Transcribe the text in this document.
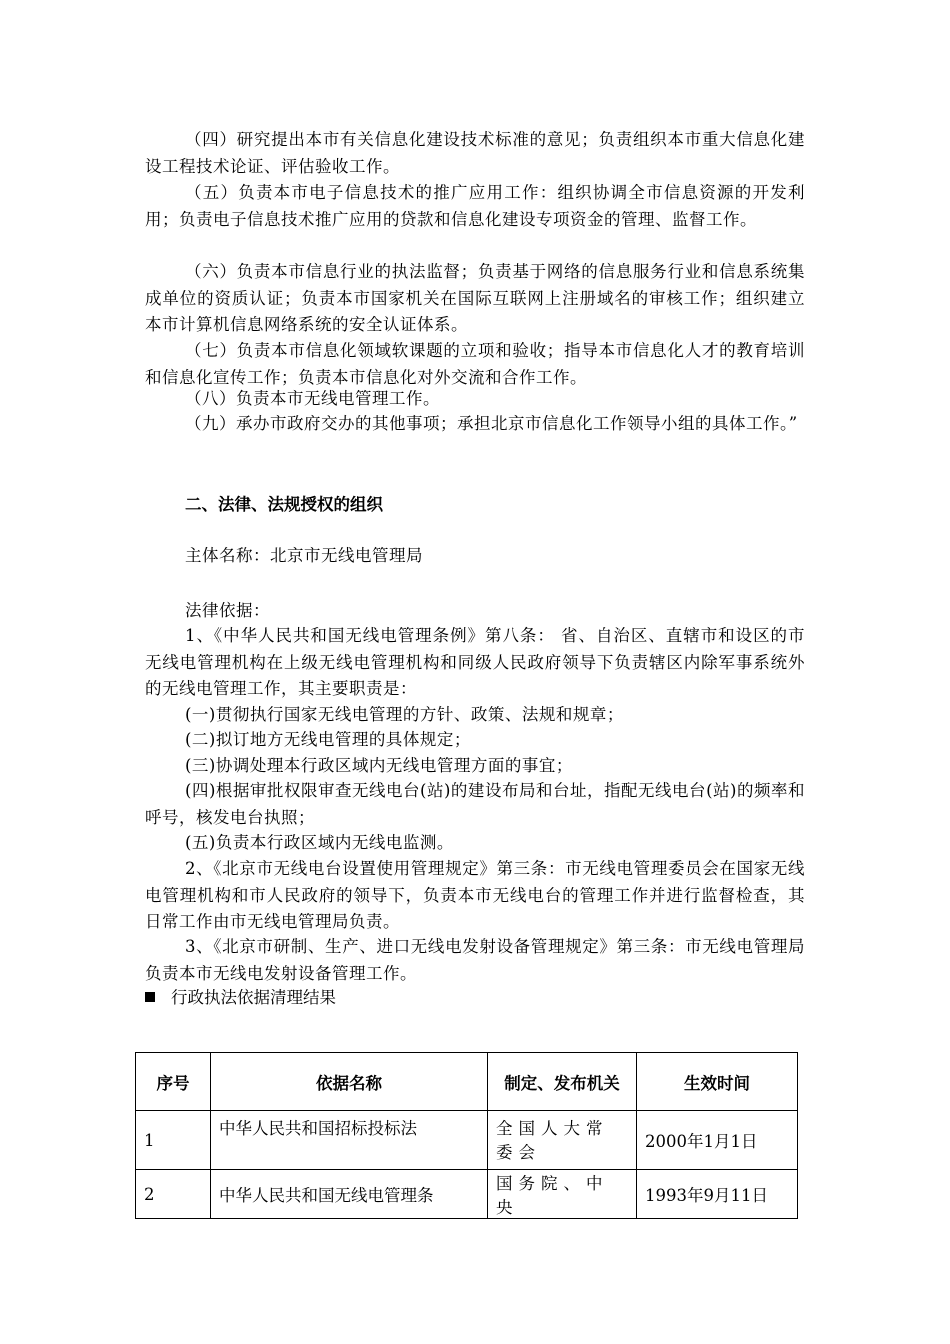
（四）研究提出本市有关信息化建设技术标准的意见；负责组织本市重大信息化建设工程技术论证、评估验收工作。

（五）负责本市电子信息技术的推广应用工作：组织协调全市信息资源的开发利用；负责电子信息技术推广应用的贷款和信息化建设专项资金的管理、监督工作。

（六）负责本市信息行业的执法监督；负责基于网络的信息服务行业和信息系统集成单位的资质认证；负责本市国家机关在国际互联网上注册域名的审核工作；组织建立本市计算机信息网络系统的安全认证体系。

（七）负责本市信息化领域软课题的立项和验收；指导本市信息化人才的教育培训和信息化宣传工作；负责本市信息化对外交流和合作工作。

（八）负责本市无线电管理工作。

（九）承办市政府交办的其他事项；承担北京市信息化工作领导小组的具体工作。”

二、法律、法规授权的组织

主体名称：北京市无线电管理局

法律依据：

1、《中华人民共和国无线电管理条例》第八条： 省、自治区、直辖市和设区的市无线电管理机构在上级无线电管理机构和同级人民政府领导下负责辖区内除军事系统外的无线电管理工作，其主要职责是：

(一)贯彻执行国家无线电管理的方针、政策、法规和规章；

(二)拟订地方无线电管理的具体规定；

(三)协调处理本行政区域内无线电管理方面的事宜；

(四)根据审批权限审查无线电台(站)的建设布局和台址，指配无线电台(站)的频率和呼号，核发电台执照；

(五)负责本行政区域内无线电监测。

2、《北京市无线电台设置使用管理规定》第三条：市无线电管理委员会在国家无线电管理机构和市人民政府的领导下，负责本市无线电台的管理工作并进行监督检查，其日常工作由市无线电管理局负责。

3、《北京市研制、生产、进口无线电发射设备管理规定》第三条：市无线电管理局负责本市无线电发射设备管理工作。

行政执法依据清理结果

序号	依据名称	制定、发布机关	生效时间
1	中华人民共和国招标投标法	全国人大常委会	2000年1月1日
2	中华人民共和国无线电管理条	国务院、中央	1993年9月11日
